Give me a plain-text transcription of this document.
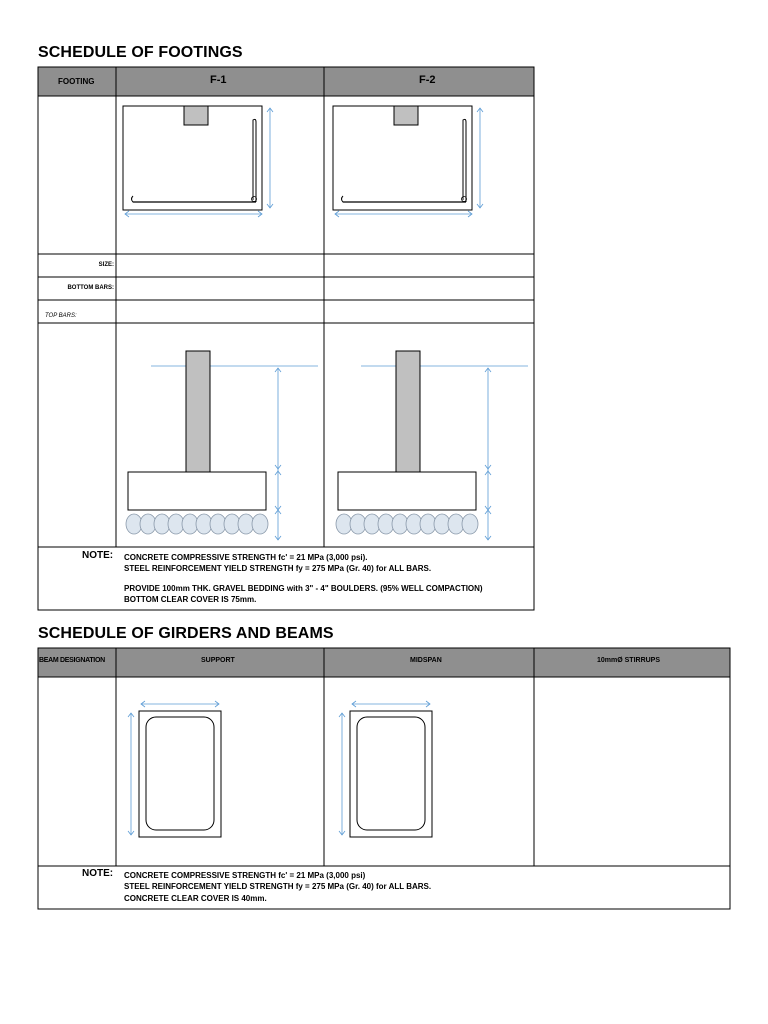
SCHEDULE OF FOOTINGS
FOOTING	F-1	F-2
SIZE:
BOTTOM BARS:
TOP BARS:
NOTE: CONCRETE COMPRESSIVE STRENGTH fc' = 21 MPa (3,000 psi).
STEEL REINFORCEMENT YIELD STRENGTH fy = 275 MPa (Gr. 40) for ALL BARS.
PROVIDE 100mm THK. GRAVEL BEDDING with 3" - 4" BOULDERS. (95% WELL COMPACTION)
BOTTOM CLEAR COVER IS 75mm.
SCHEDULE OF GIRDERS AND BEAMS
BEAM DESIGNATION	SUPPORT	MIDSPAN	10mmØ STIRRUPS
NOTE: CONCRETE COMPRESSIVE STRENGTH fc' = 21 MPa (3,000 psi)
STEEL REINFORCEMENT YIELD STRENGTH fy = 275 MPa (Gr. 40) for ALL BARS.
CONCRETE CLEAR COVER IS 40mm.
